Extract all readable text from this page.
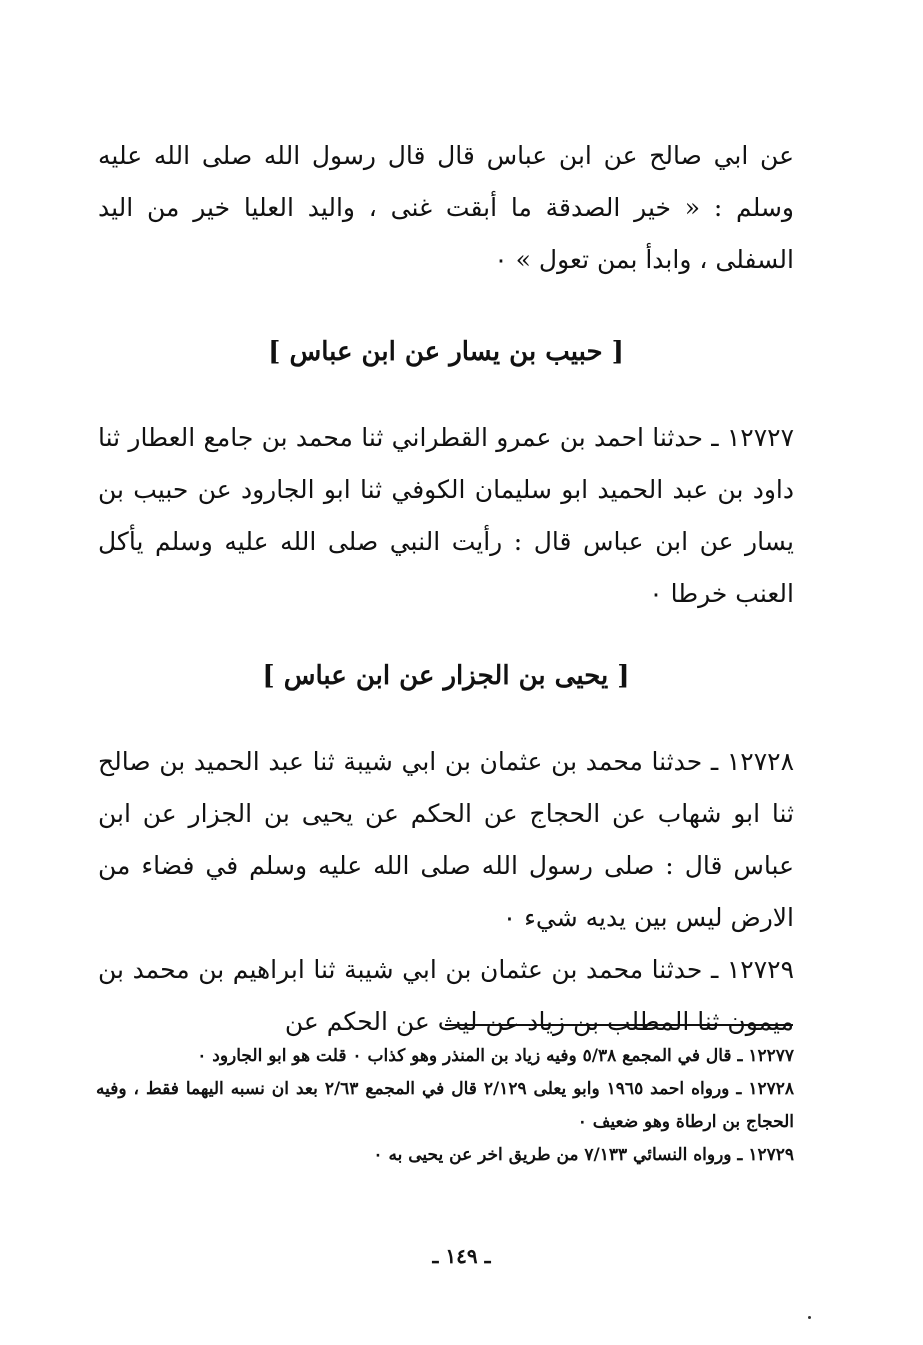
عن ابي صالح عن ابن عباس قال قال رسول الله صلى الله عليه وسلم : « خير الصدقة ما أبقت غنى ، واليد العليا خير من اليد السفلى ، وابدأ بمن تعول » ٠

[ حبيب بن يسار عن ابن عباس ]

١٢٧٢٧ ـ حدثنا احمد بن عمرو القطراني ثنا محمد بن جامع العطار ثنا داود بن عبد الحميد ابو سليمان الكوفي ثنا ابو الجارود عن حبيب بن يسار عن ابن عباس قال : رأيت النبي صلى الله عليه وسلم يأكل العنب خرطا ٠

[ يحيى بن الجزار عن ابن عباس ]

١٢٧٢٨ ـ حدثنا محمد بن عثمان بن ابي شيبة ثنا عبد الحميد بن صالح ثنا ابو شهاب عن الحجاج عن الحكم عن يحيى بن الجزار عن ابن عباس قال : صلى رسول الله صلى الله عليه وسلم في فضاء من الارض ليس بين يديه شيء ٠

١٢٧٢٩ ـ حدثنا محمد بن عثمان بن ابي شيبة ثنا ابراهيم بن محمد بن ميمون ثنا المطلب بن زياد عن ليث عن الحكم عن

١٢٢٧٧ ـ قال في المجمع ٥/٣٨ وفيه زياد بن المنذر وهو كذاب ٠ قلت هو ابو الجارود ٠

١٢٧٢٨ ـ ورواه احمد ١٩٦٥ وابو يعلى ٢/١٢٩ قال في المجمع ٢/٦٣ بعد ان نسبه اليهما فقط ، وفيه الحجاج بن ارطاة وهو ضعيف ٠

١٢٧٢٩ ـ ورواه النسائي ٧/١٣٣ من طريق اخر عن يحيى به ٠

ـ ١٤٩ ـ
